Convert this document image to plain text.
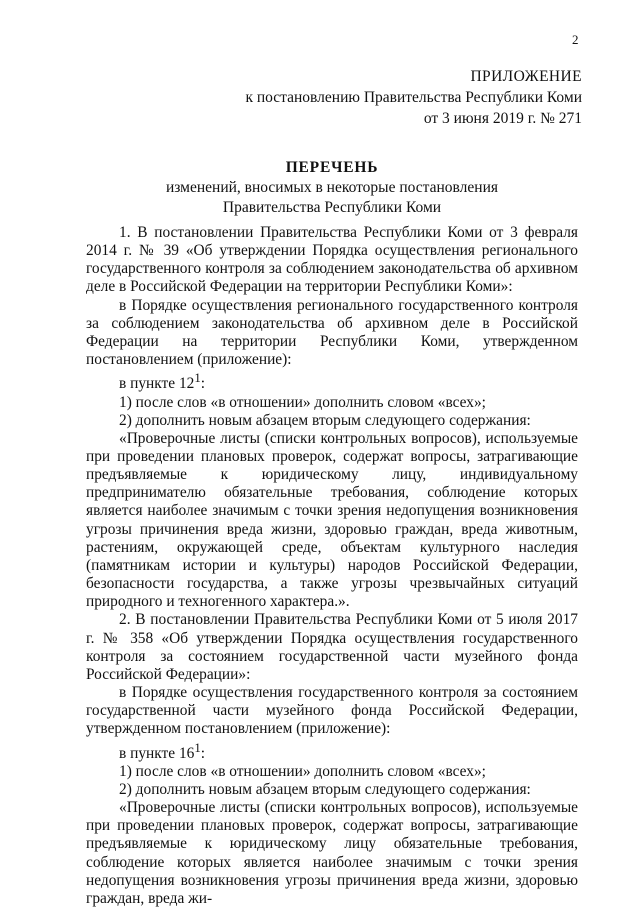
2
ПРИЛОЖЕНИЕ
к постановлению Правительства Республики Коми
от 3 июня 2019 г. № 271
ПЕРЕЧЕНЬ
изменений, вносимых в некоторые постановления
Правительства Республики Коми

1. В постановлении Правительства Республики Коми от 3 февраля 2014 г. № 39 «Об утверждении Порядка осуществления регионального государственного контроля за соблюдением законодательства об архивном деле в Российской Федерации на территории Республики Коми»:

в Порядке осуществления регионального государственного контроля за соблюдением законодательства об архивном деле в Российской Федерации на территории Республики Коми, утвержденном постановлением (приложение):

в пункте $12^1$:

1) после слов «в отношении» дополнить словом «всех»;

2) дополнить новым абзацем вторым следующего содержания:

«Проверочные листы (списки контрольных вопросов), используемые при проведении плановых проверок, содержат вопросы, затрагивающие предъявляемые к юридическому лицу, индивидуальному предпринимателю обязательные требования, соблюдение которых является наиболее значимым с точки зрения недопущения возникновения угрозы причинения вреда жизни, здоровью граждан, вреда животным, растениям, окружающей среде, объектам культурного наследия (памятникам истории и культуры) народов Российской Федерации, безопасности государства, а также угрозы чрезвычайных ситуаций природного и техногенного характера.».

2. В постановлении Правительства Республики Коми от 5 июля 2017 г. № 358 «Об утверждении Порядка осуществления государственного контроля за состоянием государственной части музейного фонда Российской Федерации»:

в Порядке осуществления государственного контроля за состоянием государственной части музейного фонда Российской Федерации, утвержденном постановлением (приложение):

в пункте $16^1$:

1) после слов «в отношении» дополнить словом «всех»;

2) дополнить новым абзацем вторым следующего содержания:

«Проверочные листы (списки контрольных вопросов), используемые при проведении плановых проверок, содержат вопросы, затрагивающие предъявляемые к юридическому лицу обязательные требования, соблюдение которых является наиболее значимым с точки зрения недопущения возникновения угрозы причинения вреда жизни, здоровью граждан, вреда жи-
